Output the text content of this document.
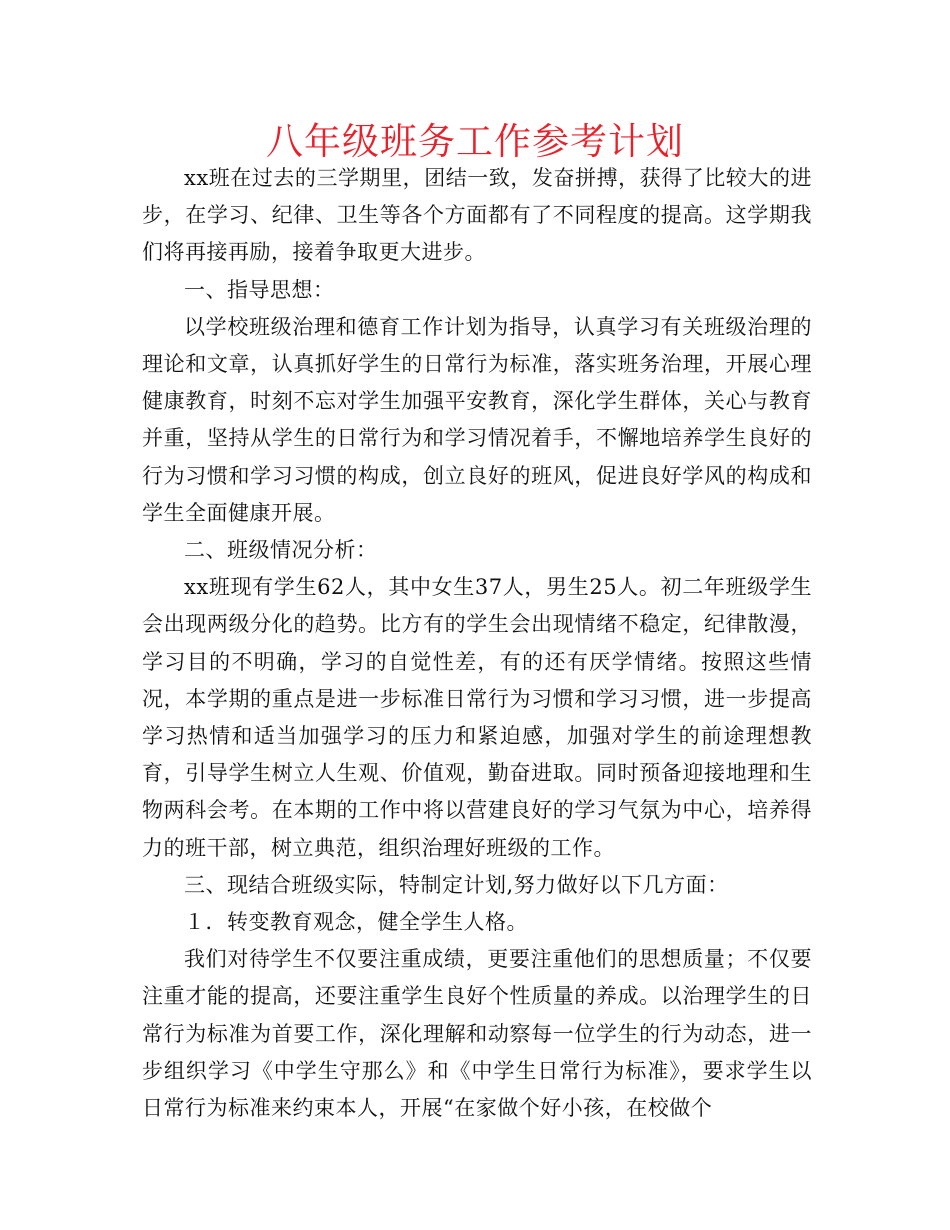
八年级班务工作参考计划

xx班在过去的三学期里，团结一致，发奋拼搏，获得了比较大的进步，在学习、纪律、卫生等各个方面都有了不同程度的提高。这学期我们将再接再励，接着争取更大进步。

一、指导思想：

以学校班级治理和德育工作计划为指导，认真学习有关班级治理的理论和文章，认真抓好学生的日常行为标准，落实班务治理，开展心理健康教育，时刻不忘对学生加强平安教育，深化学生群体，关心与教育并重，坚持从学生的日常行为和学习情况着手，不懈地培养学生良好的行为习惯和学习习惯的构成，创立良好的班风，促进良好学风的构成和学生全面健康开展。

二、班级情况分析：

xx班现有学生62人，其中女生37人，男生25人。初二年班级学生会出现两级分化的趋势。比方有的学生会出现情绪不稳定，纪律散漫，学习目的不明确，学习的自觉性差，有的还有厌学情绪。按照这些情况，本学期的重点是进一步标准日常行为习惯和学习习惯，进一步提高学习热情和适当加强学习的压力和紧迫感，加强对学生的前途理想教育，引导学生树立人生观、价值观，勤奋进取。同时预备迎接地理和生物两科会考。在本期的工作中将以营建良好的学习气氛为中心，培养得力的班干部，树立典范，组织治理好班级的工作。

三、现结合班级实际，特制定计划,努力做好以下几方面：

１．转变教育观念，健全学生人格。

我们对待学生不仅要注重成绩，更要注重他们的思想质量；不仅要注重才能的提高，还要注重学生良好个性质量的养成。以治理学生的日常行为标准为首要工作，深化理解和动察每一位学生的行为动态，进一步组织学习《中学生守那么》和《中学生日常行为标准》，要求学生以日常行为标准来约束本人，开展“在家做个好小孩，在校做个
